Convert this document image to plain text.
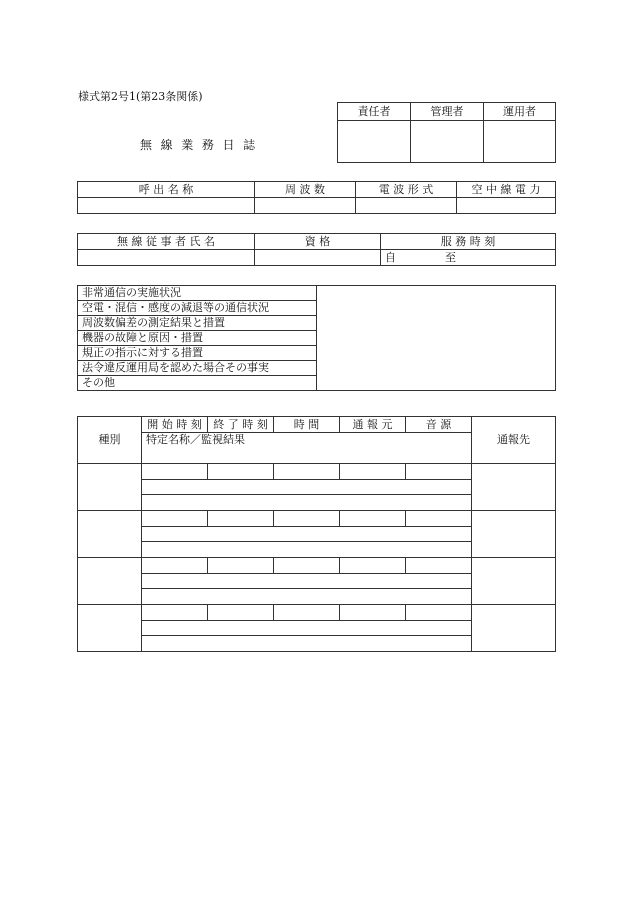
様式第2号1(第23条関係)
無 線 業 務 日 誌
責任者	管理者	運用者

呼 出 名 称	周 波 数	電 波 形 式	空 中 線 電 力

無 線 従 事 者 氏 名	資 格	服 務 時 刻
		自 至
非常通信の実施状況	
空電・混信・感度の減退等の通信状況
周波数偏差の測定結果と措置
機器の故障と原因・措置
規正の指示に対する措置
法令違反運用局を認めた場合その事実
その他
種別	開 始 時 刻	終 了 時 刻	時 間	通 報 元	音 源	通報先
	特定名称／監視結果					
